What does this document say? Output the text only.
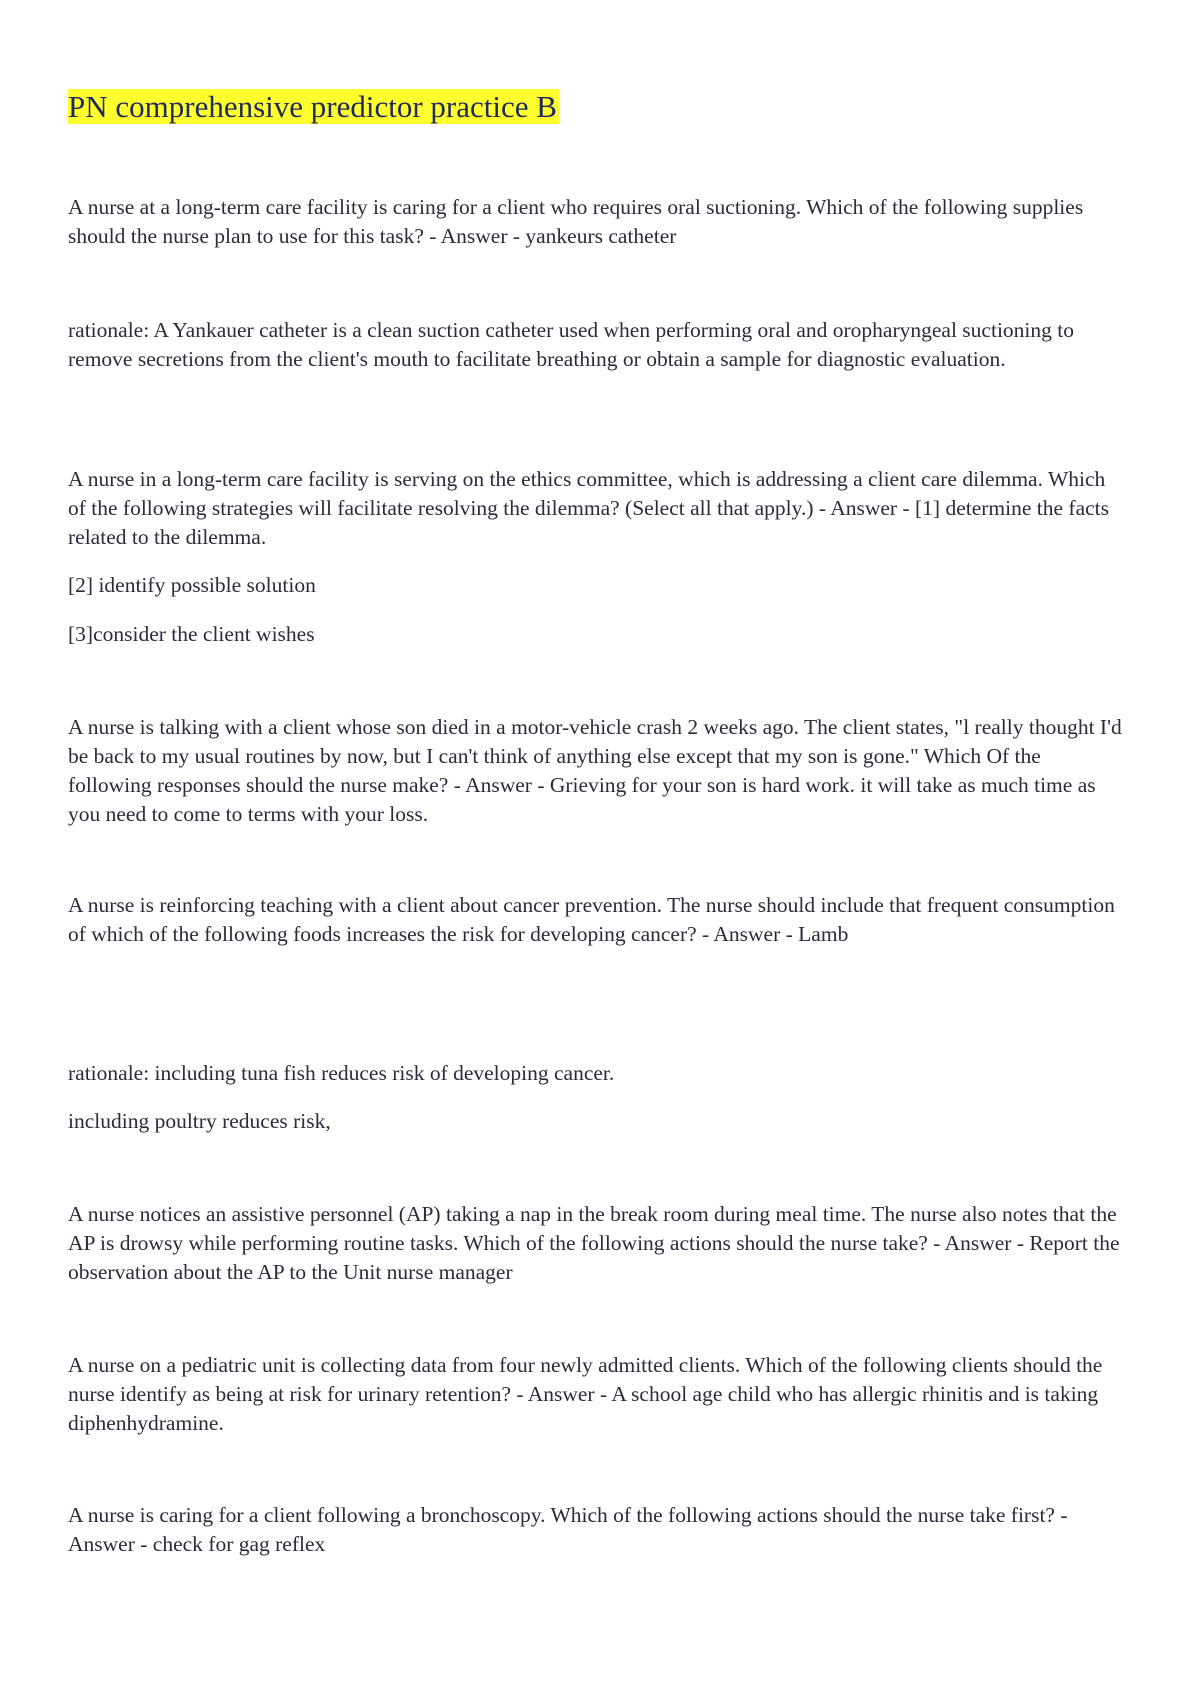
PN comprehensive predictor practice B

A nurse at a long-term care facility is caring for a client who requires oral suctioning. Which of the following supplies should the nurse plan to use for this task? - Answer - yankeurs catheter

rationale: A Yankauer catheter is a clean suction catheter used when performing oral and oropharyngeal suctioning to remove secretions from the client's mouth to facilitate breathing or obtain a sample for diagnostic evaluation.

A nurse in a long-term care facility is serving on the ethics committee, which is addressing a client care dilemma. Which of the following strategies will facilitate resolving the dilemma? (Select all that apply.) - Answer - [1] determine the facts related to the dilemma.

[2] identify possible solution

[3]consider the client wishes

A nurse is talking with a client whose son died in a motor-vehicle crash 2 weeks ago. The client states, "l really thought I'd be back to my usual routines by now, but I can't think of anything else except that my son is gone." Which Of the following responses should the nurse make? - Answer - Grieving for your son is hard work. it will take as much time as you need to come to terms with your loss.

A nurse is reinforcing teaching with a client about cancer prevention. The nurse should include that frequent consumption of which of the following foods increases the risk for developing cancer? - Answer - Lamb

rationale: including tuna fish reduces risk of developing cancer.

including poultry reduces risk,

A nurse notices an assistive personnel (AP) taking a nap in the break room during meal time. The nurse also notes that the AP is drowsy while performing routine tasks. Which of the following actions should the nurse take? - Answer - Report the observation about the AP to the Unit nurse manager

A nurse on a pediatric unit is collecting data from four newly admitted clients. Which of the following clients should the nurse identify as being at risk for urinary retention? - Answer - A school age child who has allergic rhinitis and is taking diphenhydramine.

A nurse is caring for a client following a bronchoscopy. Which of the following actions should the nurse take first? - Answer - check for gag reflex
